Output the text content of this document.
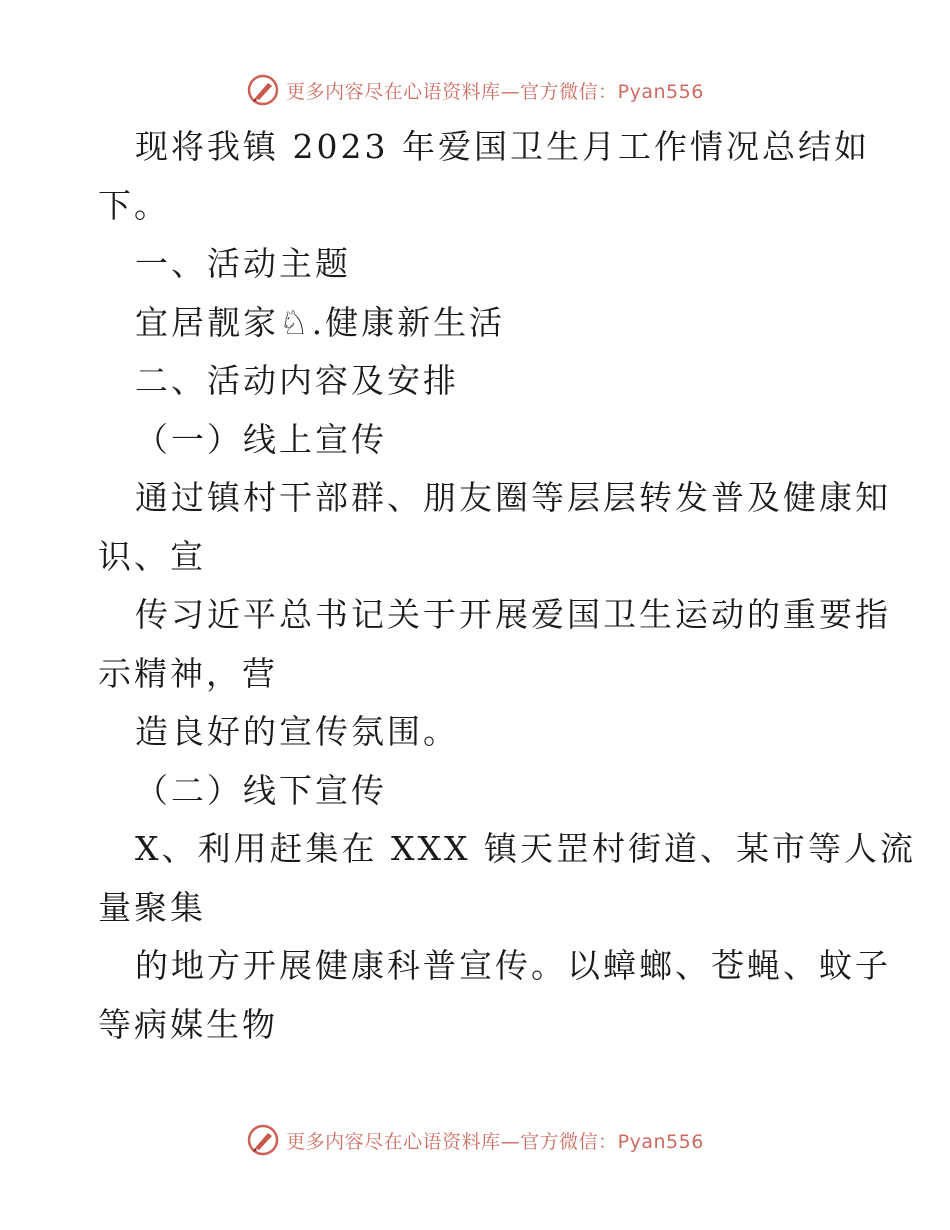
更多内容尽在心语资料库—官方微信：Pyan556
现将我镇 2023 年爱国卫生月工作情况总结如
下。
一、活动主题
宜居靓家♘.健康新生活
二、活动内容及安排
（一）线上宣传
通过镇村干部群、朋友圈等层层转发普及健康知
识、宣
传习近平总书记关于开展爱国卫生运动的重要指
示精神，营
造良好的宣传氛围。
（二）线下宣传
X、利用赶集在 XXX 镇天罡村街道、某市等人流
量聚集
的地方开展健康科普宣传。以蟑螂、苍蝇、蚊子
等病媒生物
更多内容尽在心语资料库—官方微信：Pyan556
